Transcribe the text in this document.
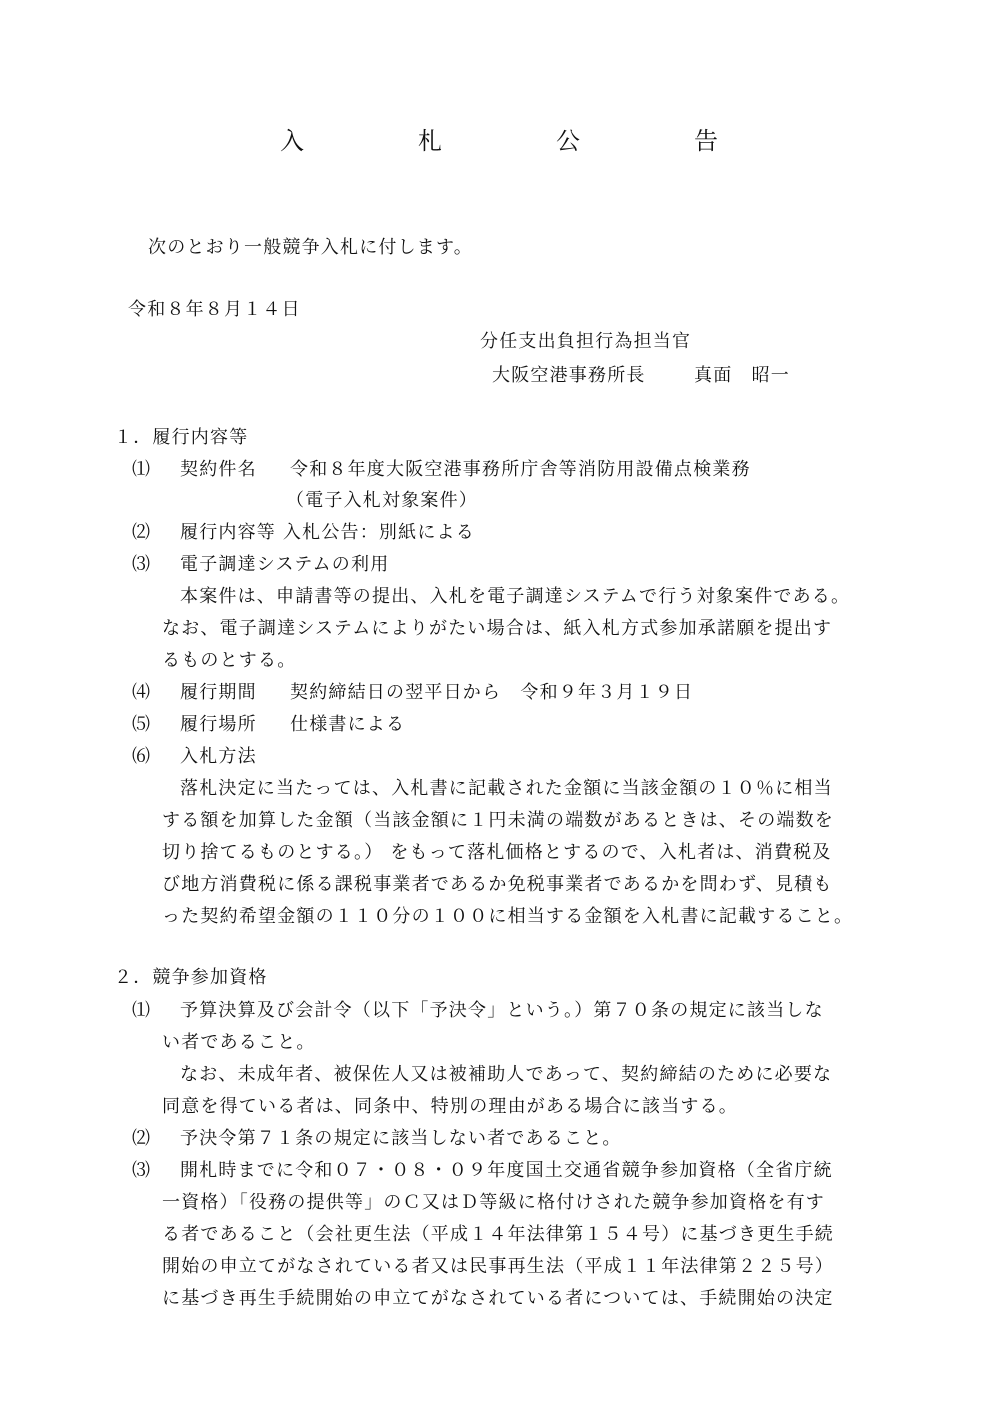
入	札	公	告
次のとおり一般競争入札に付します。
令和８年８月１４日
分任支出負担行為担当官
大阪空港事務所長	真面　昭一
１．履行内容等
⑴ 契約件名 令和８年度大阪空港事務所庁舎等消防用設備点検業務
（電子入札対象案件）
⑵ 履行内容等 入札公告：別紙による
⑶ 電子調達システムの利用
本案件は、申請書等の提出、入札を電子調達システムで行う対象案件である。
なお、電子調達システムによりがたい場合は、紙入札方式参加承諾願を提出す
るものとする。
⑷ 履行期間 契約締結日の翌平日から　令和９年３月１９日
⑸ 履行場所 仕様書による
⑹ 入札方法
落札決定に当たっては、入札書に記載された金額に当該金額の１０％に相当
する額を加算した金額（当該金額に１円未満の端数があるときは、その端数を
切り捨てるものとする。） をもって落札価格とするので、入札者は、消費税及
び地方消費税に係る課税事業者であるか免税事業者であるかを問わず、見積も
った契約希望金額の１１０分の１００に相当する金額を入札書に記載すること。
２．競争参加資格
⑴ 予算決算及び会計令（以下「予決令」という。）第７０条の規定に該当しな
い者であること。
なお、未成年者、被保佐人又は被補助人であって、契約締結のために必要な
同意を得ている者は、同条中、特別の理由がある場合に該当する。
⑵ 予決令第７１条の規定に該当しない者であること。
⑶ 開札時までに令和０７・０８・０９年度国土交通省競争参加資格（全省庁統
一資格）「役務の提供等」のＣ又はＤ等級に格付けされた競争参加資格を有す
る者であること（会社更生法（平成１４年法律第１５４号）に基づき更生手続
開始の申立てがなされている者又は民事再生法（平成１１年法律第２２５号）
に基づき再生手続開始の申立てがなされている者については、手続開始の決定
